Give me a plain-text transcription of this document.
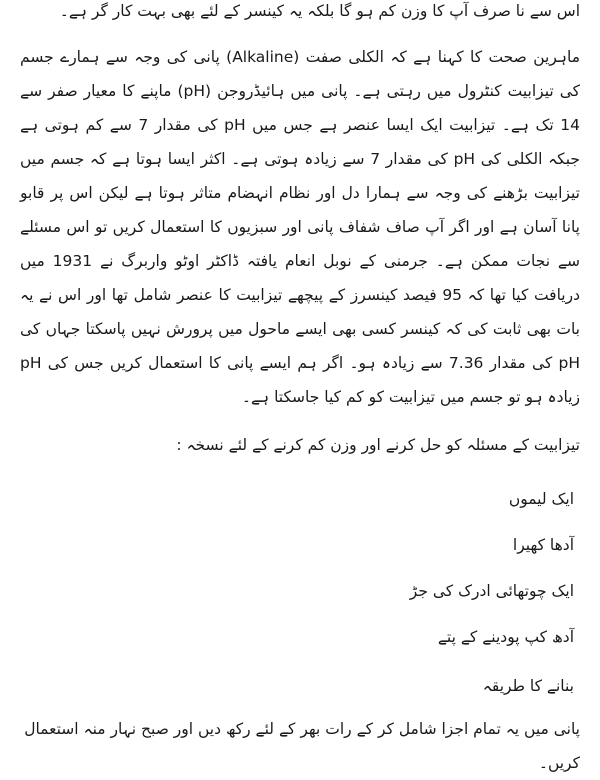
اس سے نا صرف آپ کا وزن کم ہو گا بلکہ یہ کینسر کے لئے بھی بہت کار گر ہے۔

ماہرین صحت کا کہنا ہے کہ الکلی صفت (Alkaline) پانی کی وجہ سے ہمارے جسم کی تیزابیت کنٹرول میں رہتی ہے۔ پانی میں ہائیڈروجن (pH) ماپنے کا معیار صفر سے 14 تک ہے۔ تیزابیت ایک ایسا عنصر ہے جس میں pH کی مقدار 7 سے کم ہوتی ہے جبکہ الکلی کی pH کی مقدار 7 سے زیادہ ہوتی ہے۔ اکثر ایسا ہوتا ہے کہ جسم میں تیزابیت بڑھنے کی وجہ سے ہمارا دل اور نظام انہضام متاثر ہوتا ہے لیکن اس پر قابو پانا آسان ہے اور اگر آپ صاف شفاف پانی اور سبزیوں کا استعمال کریں تو اس مسئلے سے نجات ممکن ہے۔ جرمنی کے نوبل انعام یافتہ ڈاکٹر اوٹو واربرگ نے 1931 میں دریافت کیا تھا کہ 95 فیصد کینسرز کے پیچھے تیزابیت کا عنصر شامل تھا اور اس نے یہ بات بھی ثابت کی کہ کینسر کسی بھی ایسے ماحول میں پرورش نہیں پاسکتا جہاں کی pH کی مقدار 7.36 سے زیادہ ہو۔ اگر ہم ایسے پانی کا استعمال کریں جس کی pH زیادہ ہو تو جسم میں تیزابیت کو کم کیا جاسکتا ہے۔

تیزابیت کے مسئلہ کو حل کرنے اور وزن کم کرنے کے لئے نسخہ :

ایک لیموں
آدھا کھیرا
ایک چوتھائی ادرک کی جڑ
آدھ کپ پودینے کے پتے

بنانے کا طریقہ

پانی میں یہ تمام اجزا شامل کر کے رات بھر کے لئے رکھ دیں اور صبح نہار منہ استعمال کریں۔
